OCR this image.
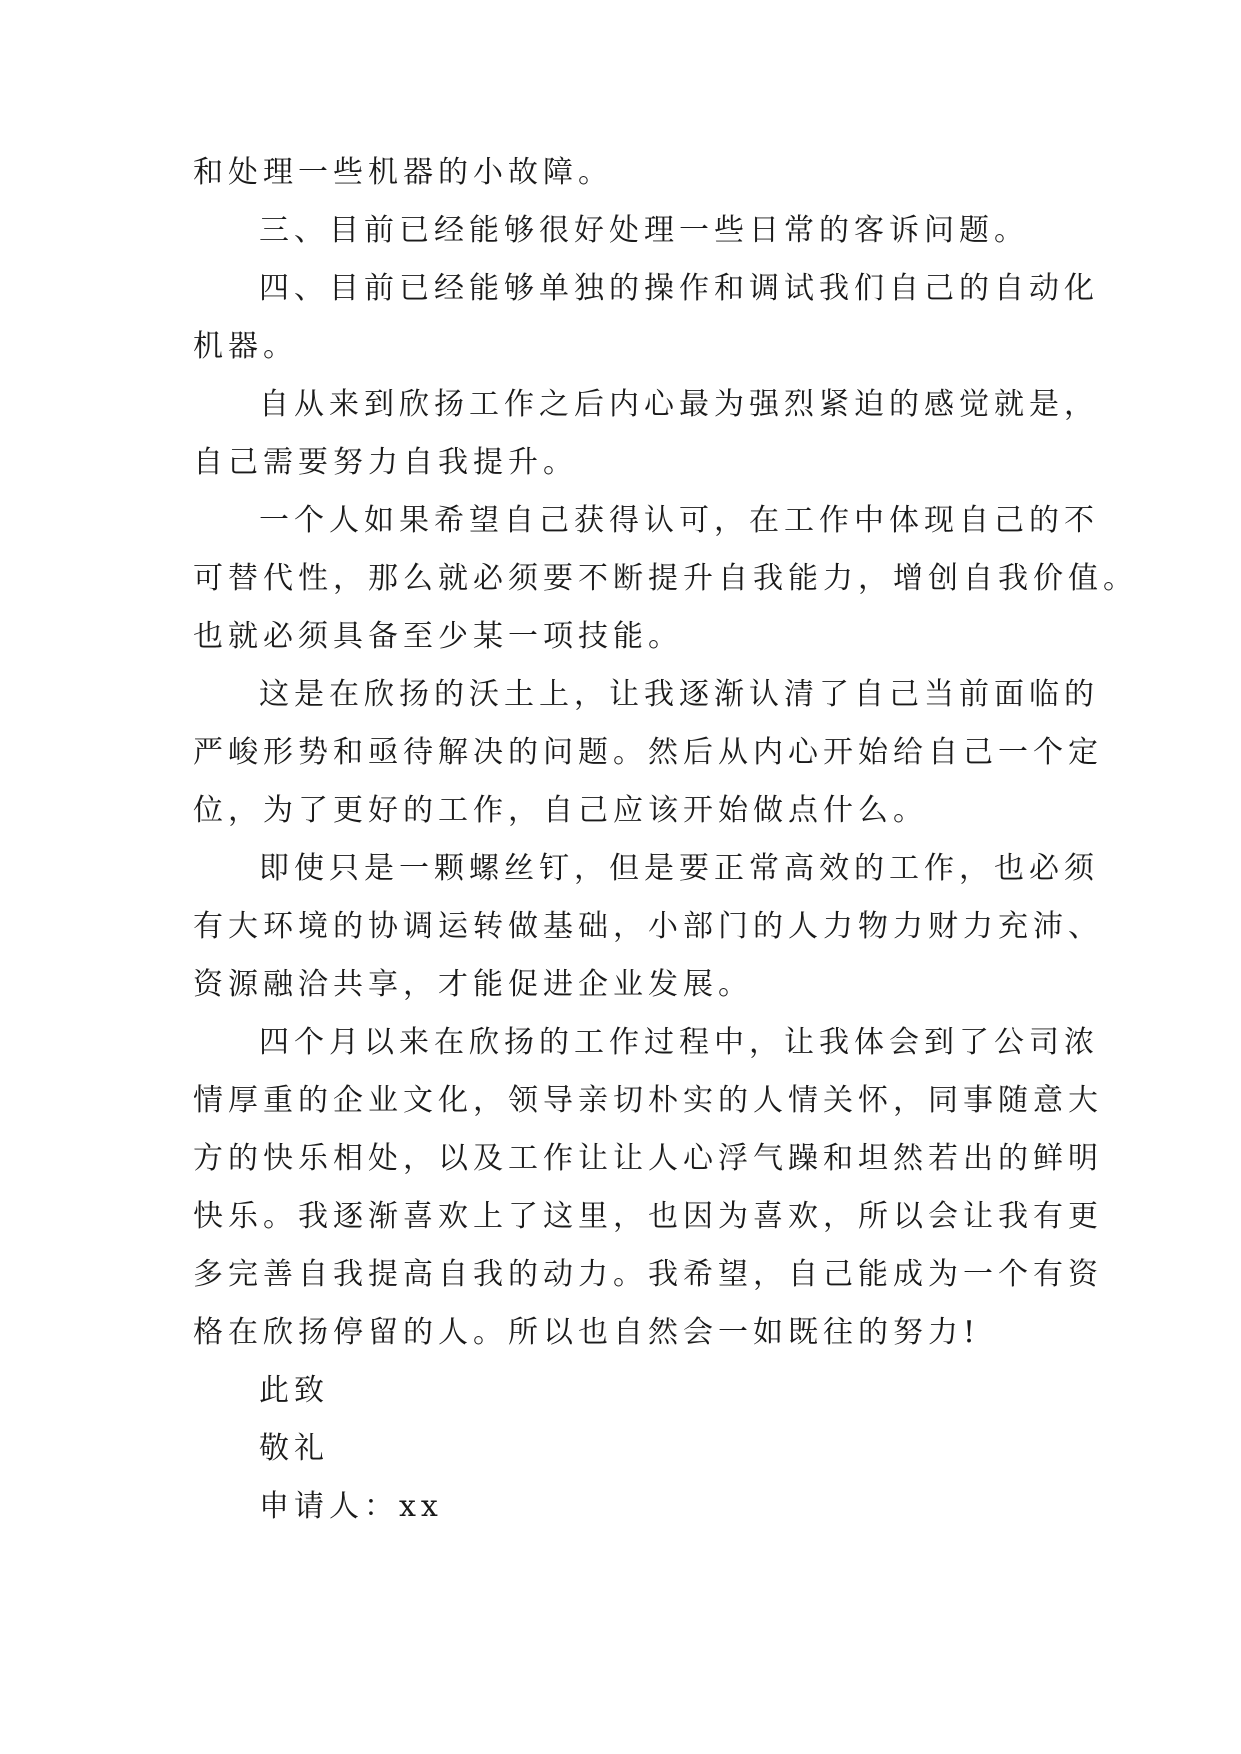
和处理一些机器的小故障。
三、目前已经能够很好处理一些日常的客诉问题。
四、目前已经能够单独的操作和调试我们自己的自动化
机器。
自从来到欣扬工作之后内心最为强烈紧迫的感觉就是，
自己需要努力自我提升。
一个人如果希望自己获得认可，在工作中体现自己的不
可替代性，那么就必须要不断提升自我能力，增创自我价值。
也就必须具备至少某一项技能。
这是在欣扬的沃土上，让我逐渐认清了自己当前面临的
严峻形势和亟待解决的问题。然后从内心开始给自己一个定
位，为了更好的工作，自己应该开始做点什么。
即使只是一颗螺丝钉，但是要正常高效的工作，也必须
有大环境的协调运转做基础，小部门的人力物力财力充沛、
资源融洽共享，才能促进企业发展。
四个月以来在欣扬的工作过程中，让我体会到了公司浓
情厚重的企业文化，领导亲切朴实的人情关怀，同事随意大
方的快乐相处，以及工作让让人心浮气躁和坦然若出的鲜明
快乐。我逐渐喜欢上了这里，也因为喜欢，所以会让我有更
多完善自我提高自我的动力。我希望，自己能成为一个有资
格在欣扬停留的人。所以也自然会一如既往的努力!
此致
敬礼
申请人：xx
